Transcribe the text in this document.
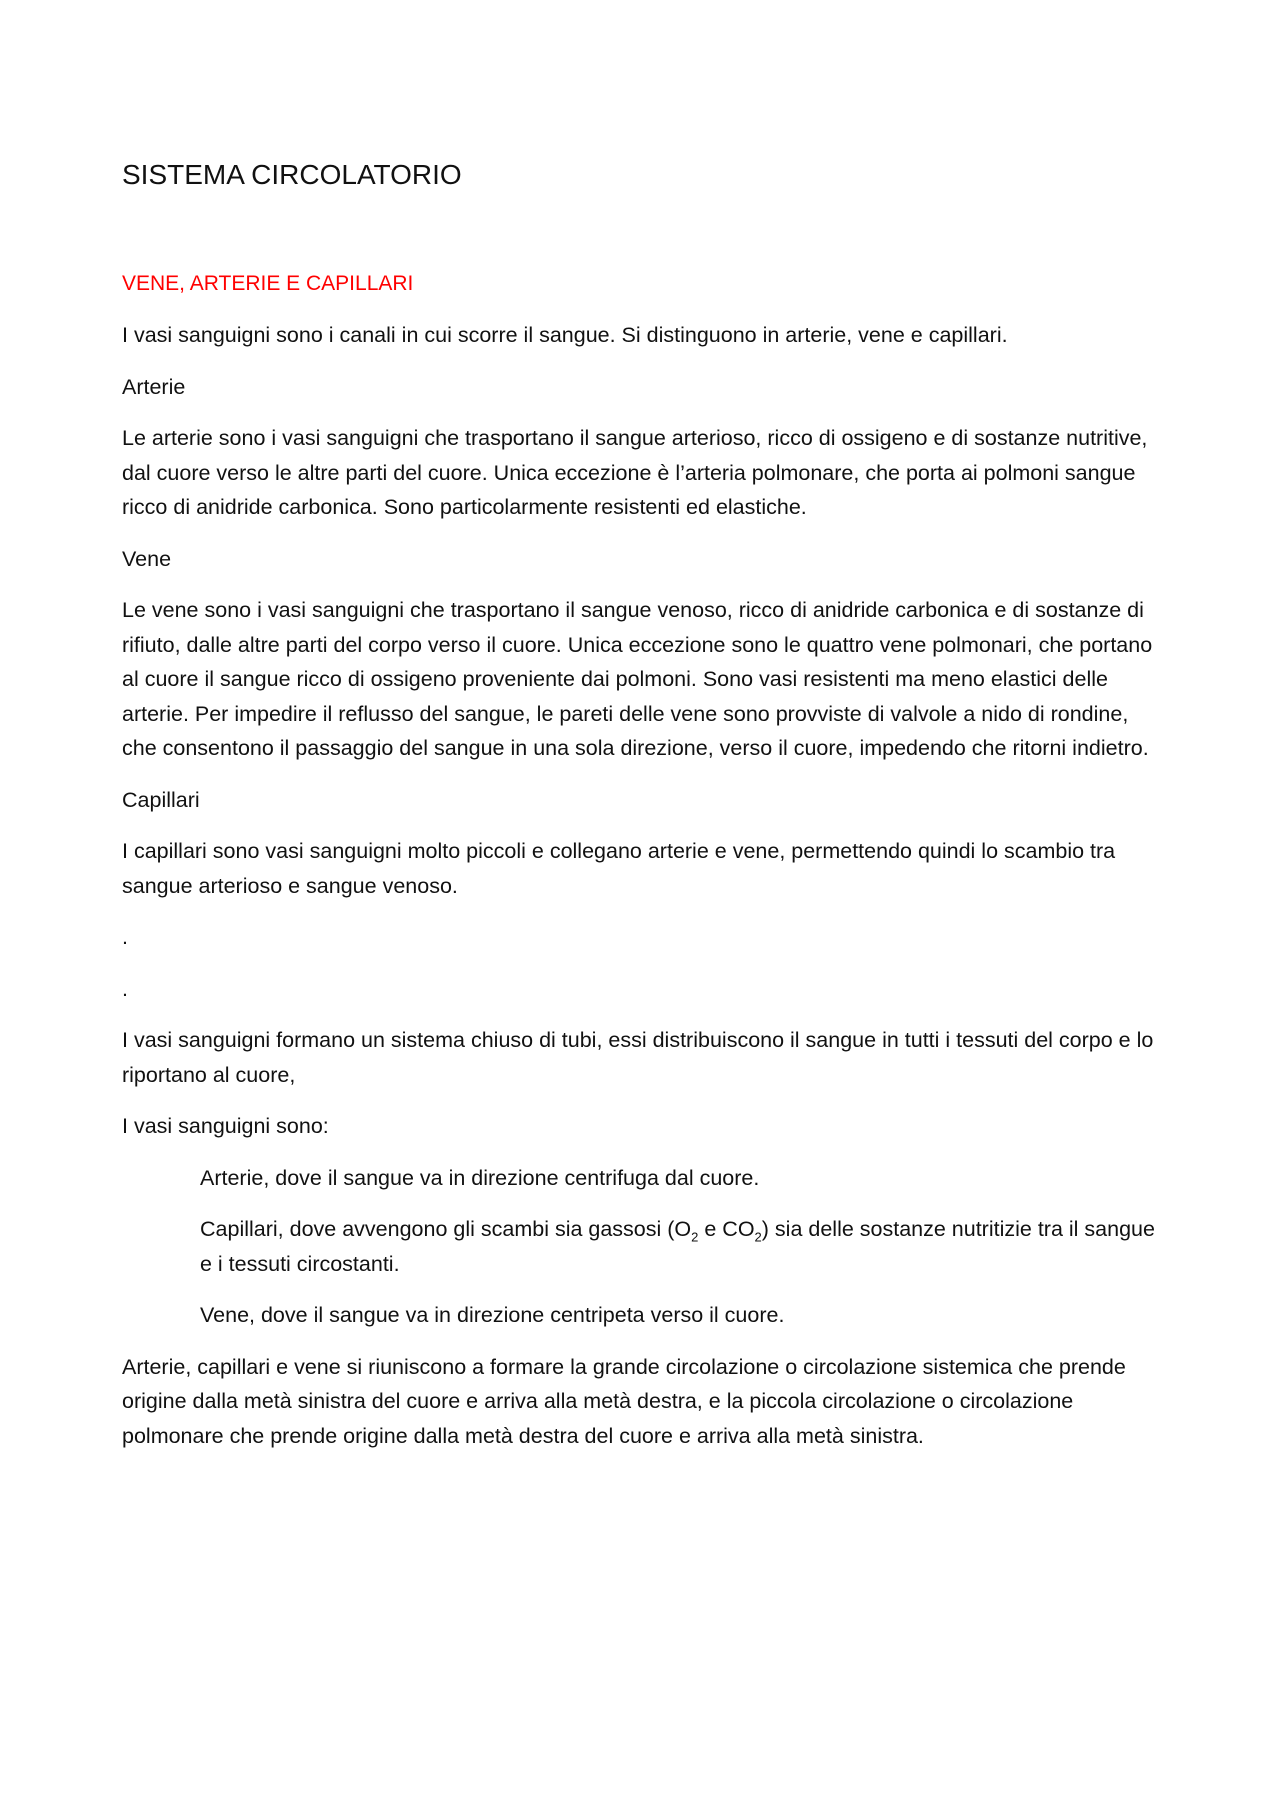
SISTEMA CIRCOLATORIO
VENE, ARTERIE E CAPILLARI

I vasi sanguigni sono i canali in cui scorre il sangue. Si distinguono in arterie, vene e capillari.

Arterie

Le arterie sono i vasi sanguigni che trasportano il sangue arterioso, ricco di ossigeno e di sostanze nutritive, dal cuore verso le altre parti del cuore. Unica eccezione è l’arteria polmonare, che porta ai polmoni sangue ricco di anidride carbonica. Sono particolarmente resistenti ed elastiche.

Vene

Le vene sono i vasi sanguigni che trasportano il sangue venoso, ricco di anidride carbonica e di sostanze di rifiuto, dalle altre parti del corpo verso il cuore. Unica eccezione sono le quattro vene polmonari, che portano al cuore il sangue ricco di ossigeno proveniente dai polmoni. Sono vasi resistenti ma meno elastici delle arterie. Per impedire il reflusso del sangue, le pareti delle vene sono provviste di valvole a nido di rondine, che consentono il passaggio del sangue in una sola direzione, verso il cuore, impedendo che ritorni indietro.

Capillari

I capillari sono vasi sanguigni molto piccoli e collegano arterie e vene, permettendo quindi lo scambio tra sangue arterioso e sangue venoso.

.

.

I vasi sanguigni formano un sistema chiuso di tubi, essi distribuiscono il sangue in tutti i tessuti del corpo e lo riportano al cuore,

I vasi sanguigni sono:

Arterie, dove il sangue va in direzione centrifuga dal cuore.
Capillari, dove avvengono gli scambi sia gassosi ($O_2$ e $CO_2$) sia delle sostanze nutritizie tra il sangue e i tessuti circostanti.
Vene, dove il sangue va in direzione centripeta verso il cuore.

Arterie, capillari e vene si riuniscono a formare la grande circolazione o circolazione sistemica che prende origine dalla metà sinistra del cuore e arriva alla metà destra, e la piccola circolazione o circolazione polmonare che prende origine dalla metà destra del cuore e arriva alla metà sinistra.
